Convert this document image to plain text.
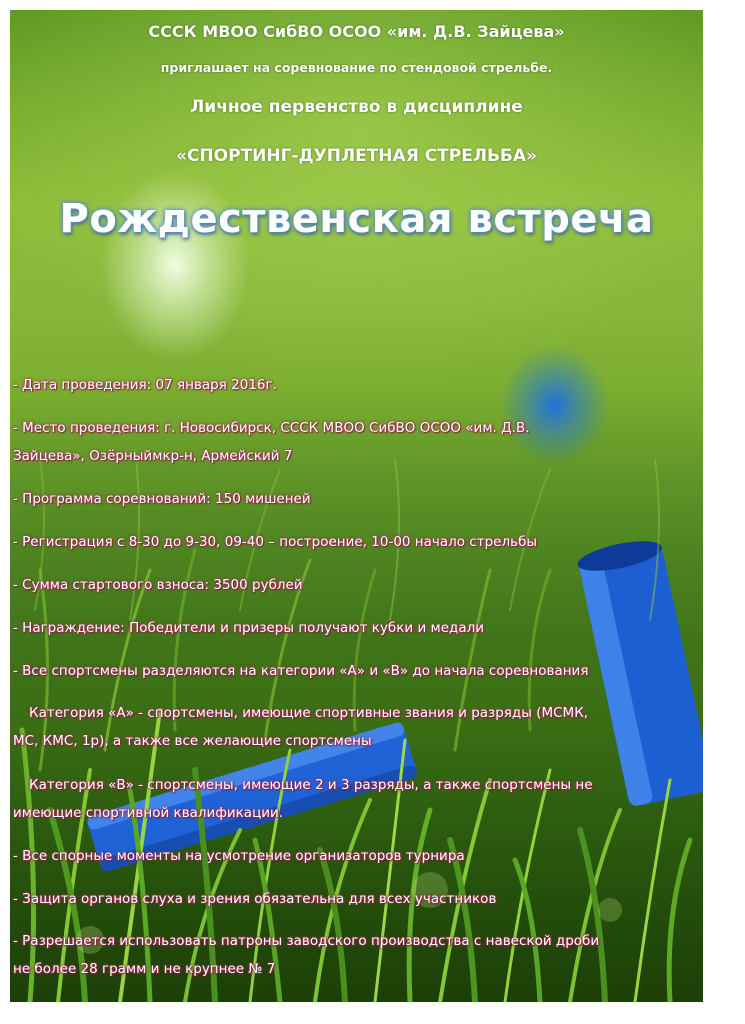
СССК МВОО СибВО ОСОО «им. Д.В. Зайцева»
приглашает на соревнование по стендовой стрельбе.
Личное первенство в дисциплине
«СПОРТИНГ-ДУПЛЕТНАЯ СТРЕЛЬБА»
Рождественская встреча
- Дата проведения: 07 января 2016г.
- Место проведения: г. Новосибирск, СССК МВОО СибВО ОСОО «им. Д.В.
Зайцева», Озёрныймкр-н, Армейский 7
- Программа соревнований: 150 мишеней
- Регистрация с 8-30 до 9-30, 09-40 – построение, 10-00 начало стрельбы
- Сумма стартового взноса: 3500 рублей
- Награждение: Победители и призеры получают кубки и медали
- Все спортсмены разделяются на категории «А» и «В» до начала соревнования
Категория «А» - спортсмены, имеющие спортивные звания и разряды (МСМК,
МС, КМС, 1р), а также все желающие спортсмены
Категория «В» - спортсмены, имеющие 2 и 3 разряды, а также спортсмены не
имеющие спортивной квалификации.
- Все спорные моменты на усмотрение организаторов турнира
- Защита органов слуха и зрения обязательна для всех участников
- Разрешается использовать патроны заводского производства с навеской дроби
не более 28 грамм и не крупнее № 7
